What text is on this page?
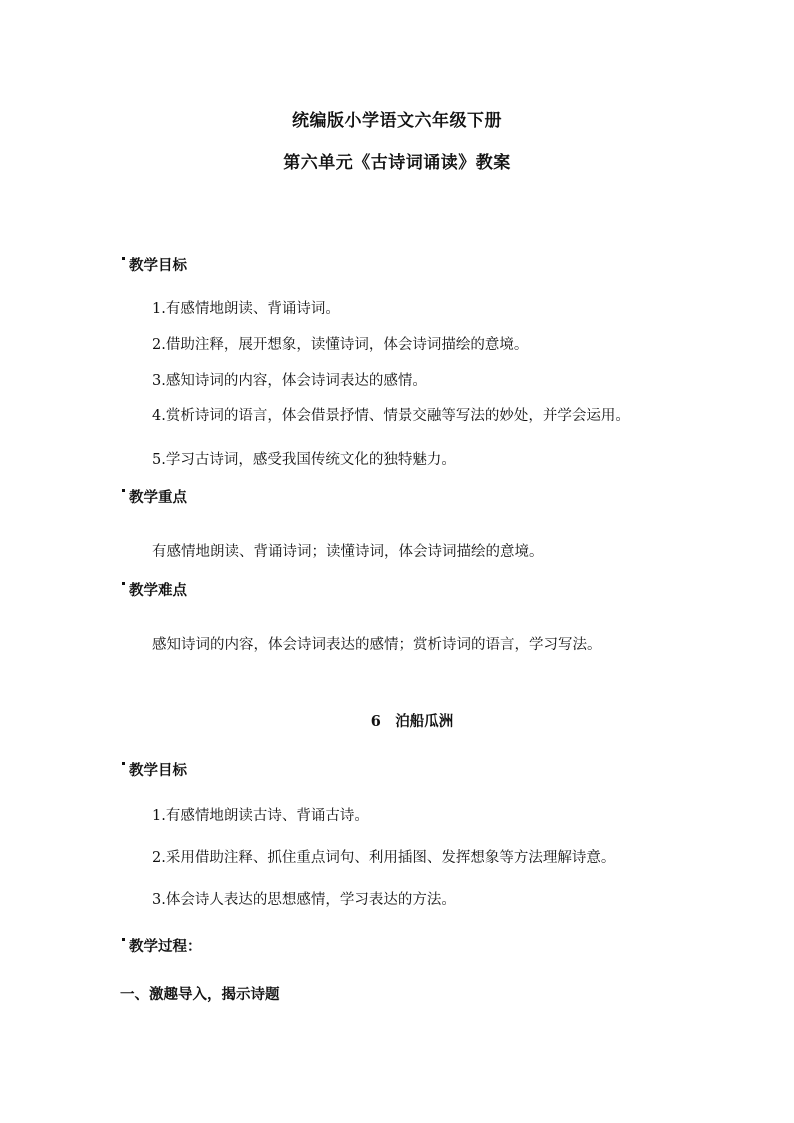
统编版小学语文六年级下册
第六单元《古诗词诵读》教案
教学目标
1.有感情地朗读、背诵诗词。
2.借助注释，展开想象，读懂诗词，体会诗词描绘的意境。
3.感知诗词的内容，体会诗词表达的感情。
4.赏析诗词的语言，体会借景抒情、情景交融等写法的妙处，并学会运用。
5.学习古诗词，感受我国传统文化的独特魅力。
教学重点
有感情地朗读、背诵诗词；读懂诗词，体会诗词描绘的意境。
教学难点
感知诗词的内容，体会诗词表达的感情；赏析诗词的语言，学习写法。
6　泊船瓜洲
教学目标
1.有感情地朗读古诗、背诵古诗。
2.采用借助注释、抓住重点词句、利用插图、发挥想象等方法理解诗意。
3.体会诗人表达的思想感情，学习表达的方法。
教学过程：
一、激趣导入，揭示诗题
